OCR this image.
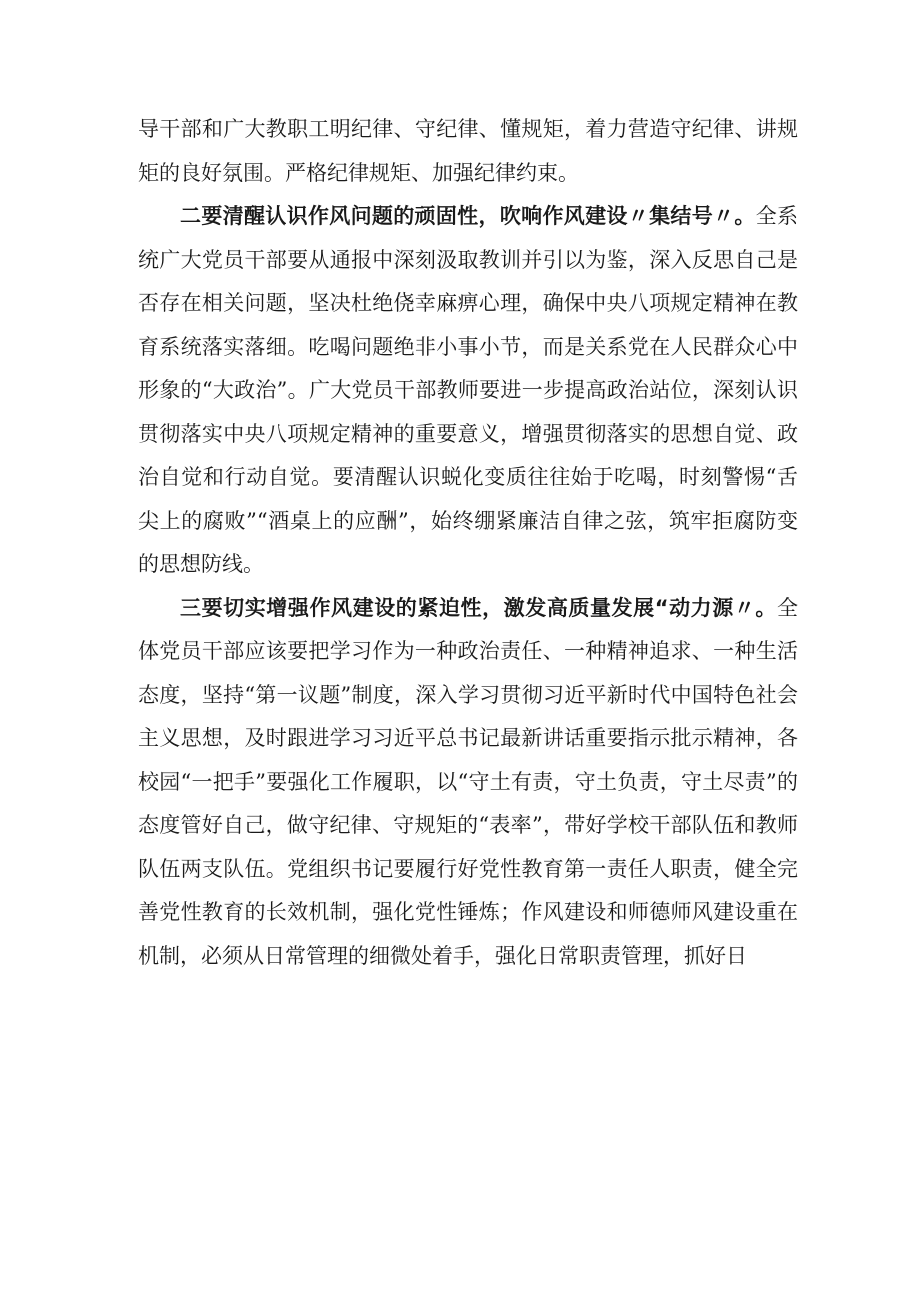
导干部和广大教职工明纪律、守纪律、懂规矩，着力营造守纪律、讲规矩的良好氛围。严格纪律规矩、加强纪律约束。

二要清醒认识作风问题的顽固性，吹响作风建设〃集结号〃。全系统广大党员干部要从通报中深刻汲取教训并引以为鉴，深入反思自己是否存在相关问题，坚决杜绝侥幸麻痹心理，确保中央八项规定精神在教育系统落实落细。吃喝问题绝非小事小节，而是关系党在人民群众心中形象的“大政治”。广大党员干部教师要进一步提高政治站位，深刻认识贯彻落实中央八项规定精神的重要意义，增强贯彻落实的思想自觉、政治自觉和行动自觉。要清醒认识蜕化变质往往始于吃喝，时刻警惕“舌尖上的腐败”“酒桌上的应酬”，始终绷紧廉洁自律之弦，筑牢拒腐防变的思想防线。

三要切实增强作风建设的紧迫性，激发高质量发展“动力源〃。全体党员干部应该要把学习作为一种政治责任、一种精神追求、一种生活态度，坚持“第一议题”制度，深入学习贯彻习近平新时代中国特色社会主义思想，及时跟进学习习近平总书记最新讲话重要指示批示精神，各校园“一把手”要强化工作履职，以“守土有责，守土负责，守土尽责”的态度管好自己，做守纪律、守规矩的“表率”，带好学校干部队伍和教师队伍两支队伍。党组织书记要履行好党性教育第一责任人职责，健全完善党性教育的长效机制，强化党性锤炼；作风建设和师德师风建设重在机制，必须从日常管理的细微处着手，强化日常职责管理，抓好日
